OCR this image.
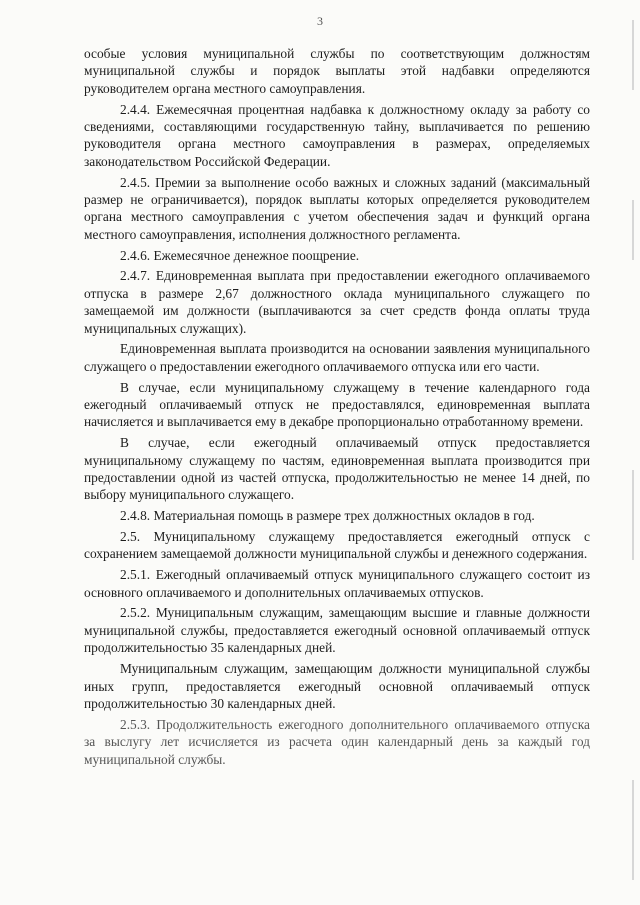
3

особые условия муниципальной службы по соответствующим должностям муниципальной службы и порядок выплаты этой надбавки определяются руководителем органа местного самоуправления.

2.4.4. Ежемесячная процентная надбавка к должностному окладу за работу со сведениями, составляющими государственную тайну, выплачивается по решению руководителя органа местного самоуправления в размерах, определяемых законодательством Российской Федерации.

2.4.5. Премии за выполнение особо важных и сложных заданий (максимальный размер не ограничивается), порядок выплаты которых определяется руководителем органа местного самоуправления с учетом обеспечения задач и функций органа местного самоуправления, исполнения должностного регламента.

2.4.6. Ежемесячное денежное поощрение.

2.4.7. Единовременная выплата при предоставлении ежегодного оплачиваемого отпуска в размере 2,67 должностного оклада муниципального служащего по замещаемой им должности (выплачиваются за счет средств фонда оплаты труда муниципальных служащих).

Единовременная выплата производится на основании заявления муниципального служащего о предоставлении ежегодного оплачиваемого отпуска или его части.

В случае, если муниципальному служащему в течение календарного года ежегодный оплачиваемый отпуск не предоставлялся, единовременная выплата начисляется и выплачивается ему в декабре пропорционально отработанному времени.

В случае, если ежегодный оплачиваемый отпуск предоставляется муниципальному служащему по частям, единовременная выплата производится при предоставлении одной из частей отпуска, продолжительностью не менее 14 дней, по выбору муниципального служащего.

2.4.8. Материальная помощь в размере трех должностных окладов в год.

2.5. Муниципальному служащему предоставляется ежегодный отпуск с сохранением замещаемой должности муниципальной службы и денежного содержания.

2.5.1. Ежегодный оплачиваемый отпуск муниципального служащего состоит из основного оплачиваемого и дополнительных оплачиваемых отпусков.

2.5.2. Муниципальным служащим, замещающим высшие и главные должности муниципальной службы, предоставляется ежегодный основной оплачиваемый отпуск продолжительностью 35 календарных дней.

Муниципальным служащим, замещающим должности муниципальной службы иных групп, предоставляется ежегодный основной оплачиваемый отпуск продолжительностью 30 календарных дней.

2.5.3. Продолжительность ежегодного дополнительного оплачиваемого отпуска за выслугу лет исчисляется из расчета один календарный день за каждый год муниципальной службы.
